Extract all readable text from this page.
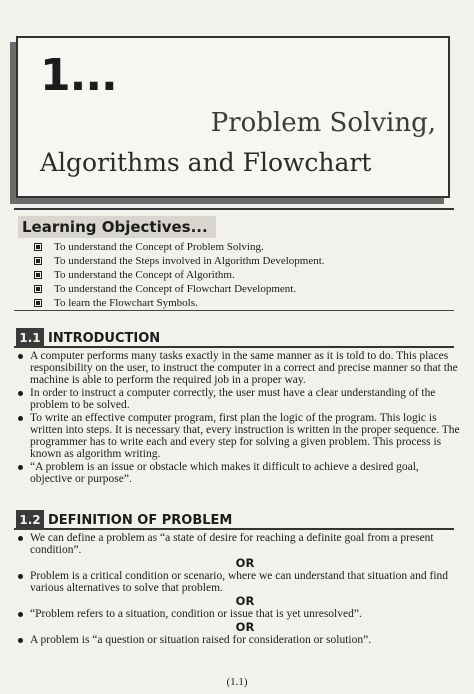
1...
Problem Solving,
Algorithms and Flowchart
Learning Objectives...
To understand the Concept of Problem Solving.
To understand the Steps involved in Algorithm Development.
To understand the Concept of Algorithm.
To understand the Concept of Flowchart Development.
To learn the Flowchart Symbols.
1.1 INTRODUCTION
A computer performs many tasks exactly in the same manner as it is told to do. This places responsibility on the user, to instruct the computer in a correct and precise manner so that the machine is able to perform the required job in a proper way.
In order to instruct a computer correctly, the user must have a clear understanding of the problem to be solved.
To write an effective computer program, first plan the logic of the program. This logic is written into steps. It is necessary that, every instruction is written in the proper sequence. The programmer has to write each and every step for solving a given problem. This process is known as algorithm writing.
“A problem is an issue or obstacle which makes it difficult to achieve a desired goal, objective or purpose”.
1.2 DEFINITION OF PROBLEM
We can define a problem as “a state of desire for reaching a definite goal from a present condition”.
OR
Problem is a critical condition or scenario, where we can understand that situation and find various alternatives to solve that problem.
OR
“Problem refers to a situation, condition or issue that is yet unresolved”.
OR
A problem is “a question or situation raised for consideration or solution”.
(1.1)
